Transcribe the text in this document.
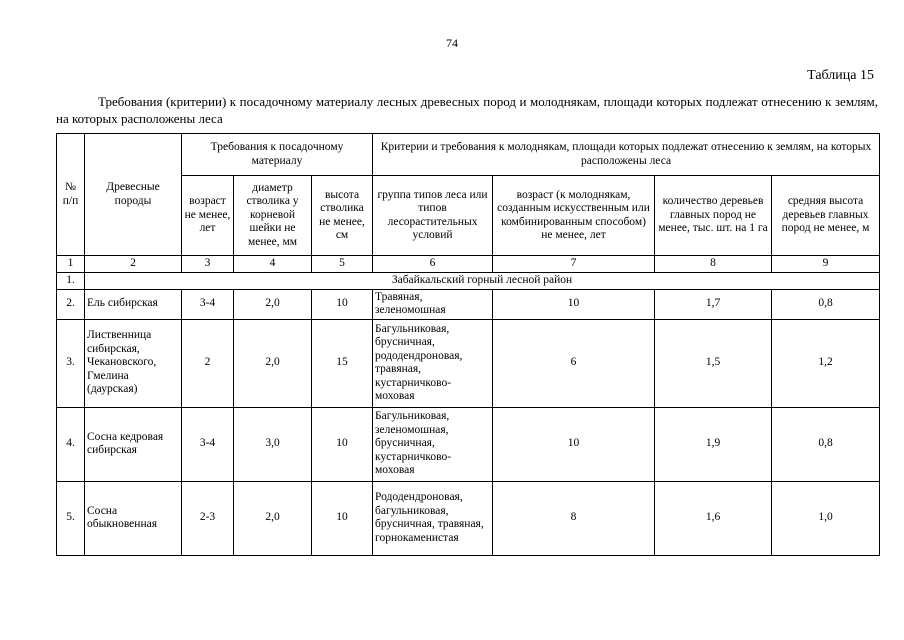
74
Таблица 15
Требования (критерии) к посадочному материалу лесных древесных пород и молоднякам, площади которых подлежат отнесению к землям, на которых расположены леса
№ п/п	Древесные породы	Требования к посадочному материалу			Критерии и требования к молоднякам, площади которых подлежат отнесению к землям, на которых расположены леса			
		возраст не менее, лет	диаметр стволика у корневой шейки не менее, мм	высота стволика не менее, см	группа типов леса или типов лесорастительных условий	возраст (к молоднякам, созданным искусственным или комбинированным способом) не менее, лет	количество деревьев главных пород не менее, тыс. шт. на 1 га	средняя высота деревьев главных пород не менее, м
1	2	3	4	5	6	7	8	9
1.	Забайкальский горный лесной район							
2.	Ель сибирская	3-4	2,0	10	Травяная, зеленомошная	10	1,7	0,8
3.	Лиственница сибирская, Чекановского, Гмелина (даурская)	2	2,0	15	Багульниковая, брусничная, рододендроновая, травяная, кустарничково-моховая	6	1,5	1,2
4.	Сосна кедровая сибирская	3-4	3,0	10	Багульниковая, зеленомошная, брусничная, кустарничково-моховая	10	1,9	0,8
5.	Сосна обыкновенная	2-3	2,0	10	Рододендроновая, багульниковая, брусничная, травяная, горнокаменистая	8	1,6	1,0
